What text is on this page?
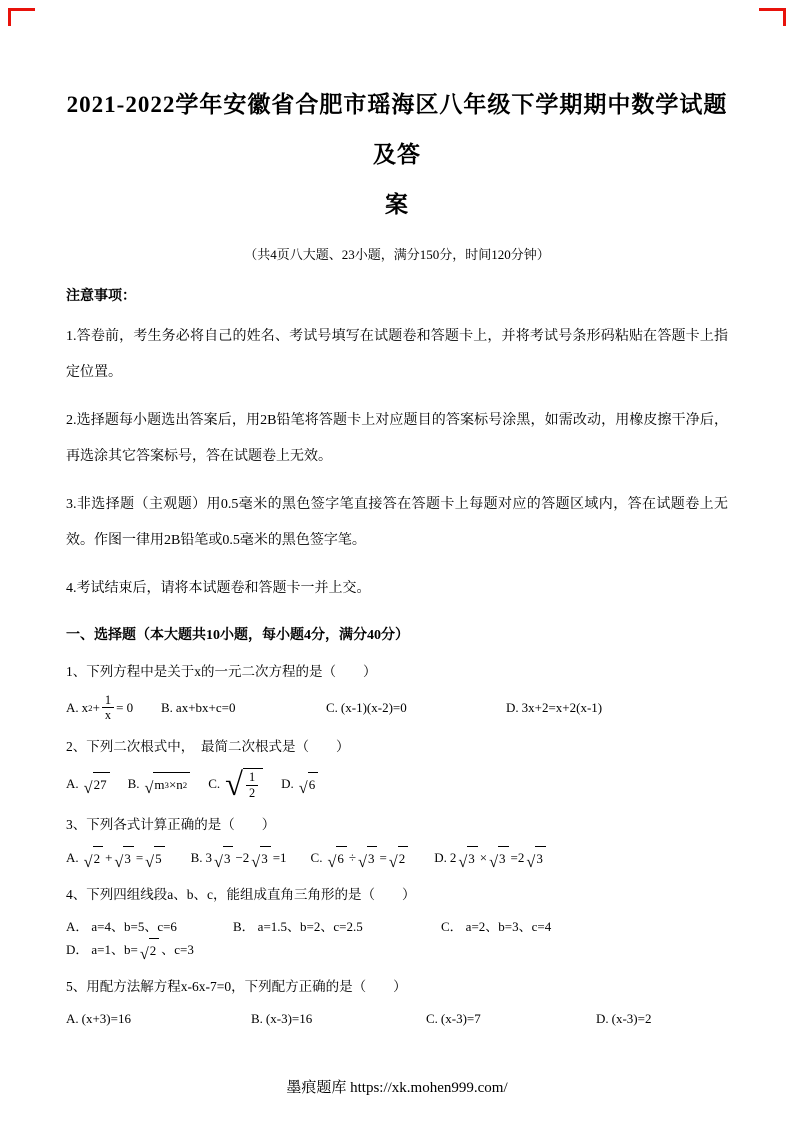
2021-2022学年安徽省合肥市瑶海区八年级下学期期中数学试题及答
案
（共4页八大题、23小题，满分150分，时间120分钟）
注意事项：
1.答卷前，考生务必将自己的姓名、考试号填写在试题卷和答题卡上，并将考试号条形码粘贴在答题卡上指定位置。
2.选择题每小题选出答案后，用2B铅笔将答题卡上对应题目的答案标号涂黑，如需改动，用橡皮擦干净后，再选涂其它答案标号，答在试题卷上无效。
3.非选择题（主观题）用0.5毫米的黑色签字笔直接答在答题卡上每题对应的答题区域内，答在试题卷上无效。作图一律用2B铅笔或0.5毫米的黑色签字笔。
4.考试结束后，请将本试题卷和答题卡一并上交。
一、选择题（本大题共10小题，每小题4分，满分40分）
1、下列方程中是关于x的一元二次方程的是（　　）
A. x $2 + \frac{1}{x} = 0$ B. ax+bx+c=0	C. (x-1)(x-2)=0	D. 3x+2=x+2(x-1)
2、下列二次根式中，　最简二次根式是（　　）
A. √ 27 B. √ m 3 ×n 2 C. √ $\frac{1}{2} D$. √ 6
3、下列各式计算正确的是（　　）
A. √ 2 + √ 3 = √ 5 B. 3 √ 3 −2 √ 3 =1 C. √ 6 ÷ √ 3 = √ 2 D. 2 √ 3 × √ 3 =2 √ 3
4、下列四组线段a、b、c，能组成直角三角形的是（　　）
A． a=4、b=5、c=6	B． a=1.5、b=2、c=2.5	C． a=2、b=3、c=4
D． a=1、b= √ 2 、c=3
5、用配方法解方程x-6x-7=0，下列配方正确的是（　　）
A. (x+3)=16	B. (x-3)=16	C. (x-3)=7	D. (x-3)=2
墨痕题库 https://xk.mohen999.com/
